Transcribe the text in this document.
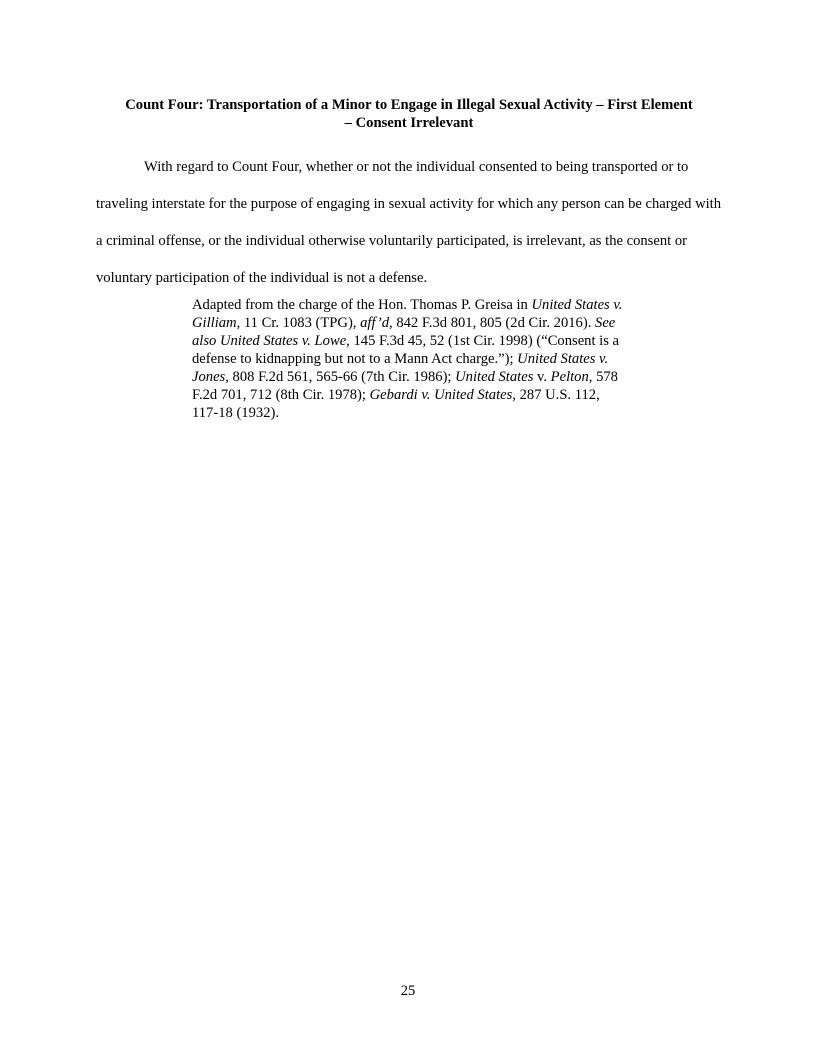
Count Four: Transportation of a Minor to Engage in Illegal Sexual Activity – First Element
– Consent Irrelevant

With regard to Count Four, whether or not the individual consented to being transported or to traveling interstate for the purpose of engaging in sexual activity for which any person can be charged with a criminal offense, or the individual otherwise voluntarily participated, is irrelevant, as the consent or voluntary participation of the individual is not a defense.

Adapted from the charge of the Hon. Thomas P. Greisa in United States v. Gilliam, 11 Cr. 1083 (TPG), aff’d, 842 F.3d 801, 805 (2d Cir. 2016). See also United States v. Lowe, 145 F.3d 45, 52 (1st Cir. 1998) (“Consent is a defense to kidnapping but not to a Mann Act charge.”); United States v. Jones, 808 F.2d 561, 565-66 (7th Cir. 1986); United States v. Pelton, 578 F.2d 701, 712 (8th Cir. 1978); Gebardi v. United States, 287 U.S. 112, 117-18 (1932).
25
